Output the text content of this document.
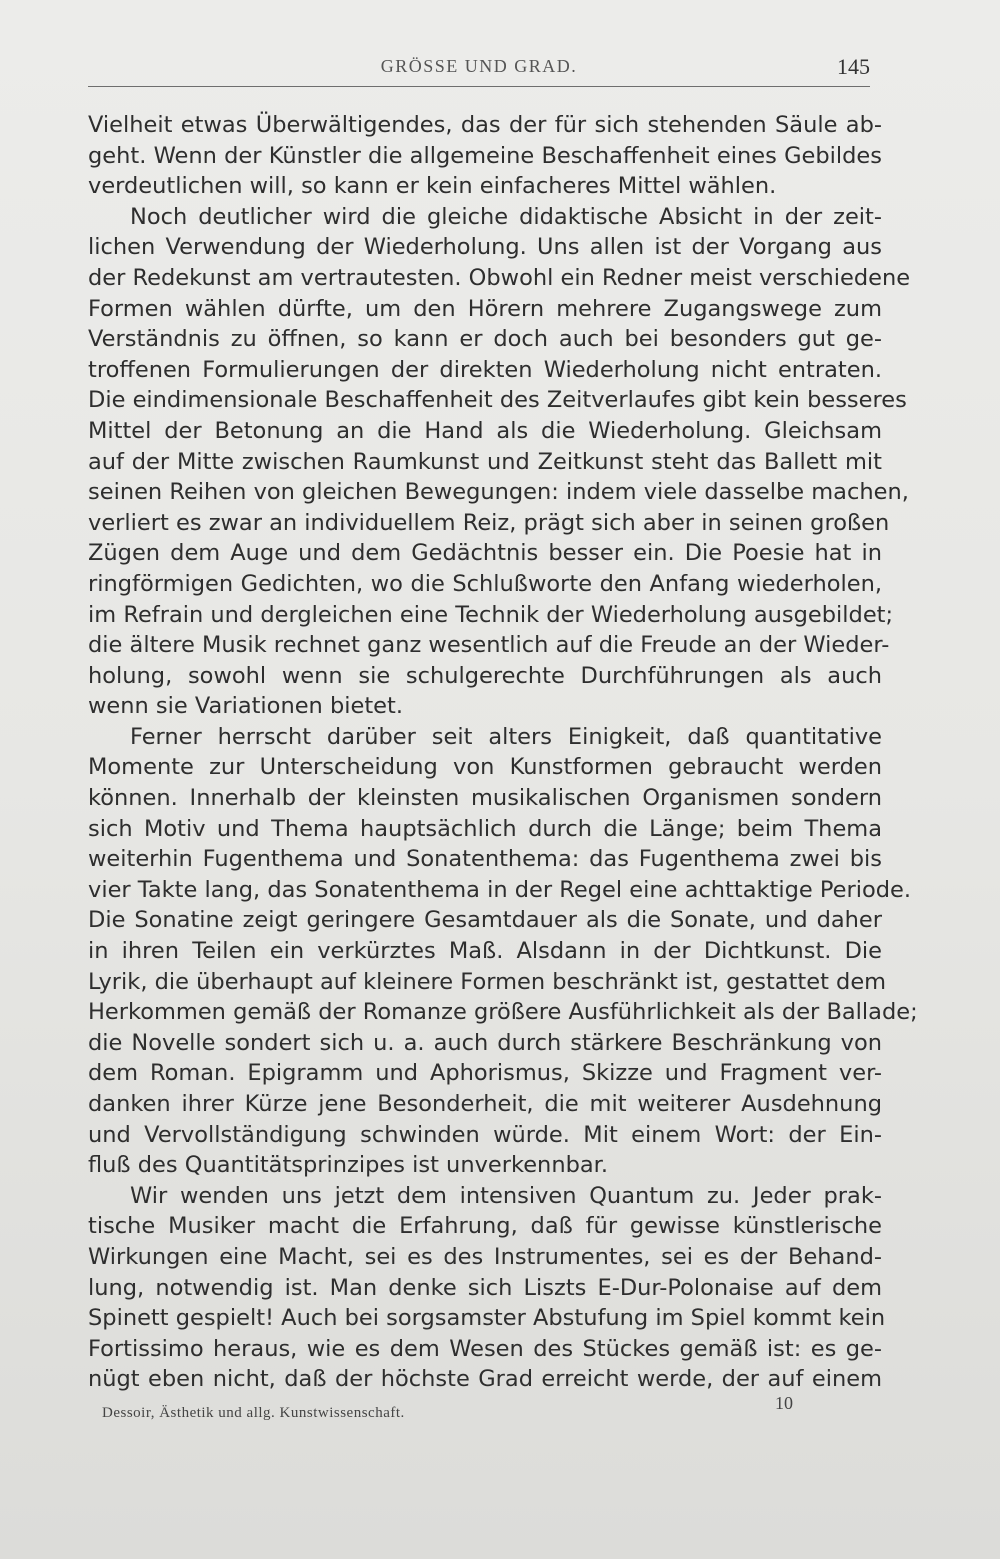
GRÖSSE UND GRAD.	145

Vielheit etwas Überwältigendes, das der für sich stehenden Säule ab-
geht. Wenn der Künstler die allgemeine Beschaffenheit eines Gebildes
verdeutlichen will, so kann er kein einfacheres Mittel wählen.

Noch deutlicher wird die gleiche didaktische Absicht in der zeit-
lichen Verwendung der Wiederholung. Uns allen ist der Vorgang aus
der Redekunst am vertrautesten. Obwohl ein Redner meist verschiedene
Formen wählen dürfte, um den Hörern mehrere Zugangswege zum
Verständnis zu öffnen, so kann er doch auch bei besonders gut ge-
troffenen Formulierungen der direkten Wiederholung nicht entraten.
Die eindimensionale Beschaffenheit des Zeitverlaufes gibt kein besseres
Mittel der Betonung an die Hand als die Wiederholung. Gleichsam
auf der Mitte zwischen Raumkunst und Zeitkunst steht das Ballett mit
seinen Reihen von gleichen Bewegungen: indem viele dasselbe machen,
verliert es zwar an individuellem Reiz, prägt sich aber in seinen großen
Zügen dem Auge und dem Gedächtnis besser ein. Die Poesie hat in
ringförmigen Gedichten, wo die Schlußworte den Anfang wiederholen,
im Refrain und dergleichen eine Technik der Wiederholung ausgebildet;
die ältere Musik rechnet ganz wesentlich auf die Freude an der Wieder-
holung, sowohl wenn sie schulgerechte Durchführungen als auch
wenn sie Variationen bietet.

Ferner herrscht darüber seit alters Einigkeit, daß quantitative
Momente zur Unterscheidung von Kunstformen gebraucht werden
können. Innerhalb der kleinsten musikalischen Organismen sondern
sich Motiv und Thema hauptsächlich durch die Länge; beim Thema
weiterhin Fugenthema und Sonatenthema: das Fugenthema zwei bis
vier Takte lang, das Sonatenthema in der Regel eine achttaktige Periode.
Die Sonatine zeigt geringere Gesamtdauer als die Sonate, und daher
in ihren Teilen ein verkürztes Maß. Alsdann in der Dichtkunst. Die
Lyrik, die überhaupt auf kleinere Formen beschränkt ist, gestattet dem
Herkommen gemäß der Romanze größere Ausführlichkeit als der Ballade;
die Novelle sondert sich u. a. auch durch stärkere Beschränkung von
dem Roman. Epigramm und Aphorismus, Skizze und Fragment ver-
danken ihrer Kürze jene Besonderheit, die mit weiterer Ausdehnung
und Vervollständigung schwinden würde. Mit einem Wort: der Ein-
fluß des Quantitätsprinzipes ist unverkennbar.

Wir wenden uns jetzt dem intensiven Quantum zu. Jeder prak-
tische Musiker macht die Erfahrung, daß für gewisse künstlerische
Wirkungen eine Macht, sei es des Instrumentes, sei es der Behand-
lung, notwendig ist. Man denke sich Liszts E-Dur-Polonaise auf dem
Spinett gespielt! Auch bei sorgsamster Abstufung im Spiel kommt kein
Fortissimo heraus, wie es dem Wesen des Stückes gemäß ist: es ge-
nügt eben nicht, daß der höchste Grad erreicht werde, der auf einem

Dessoir, Ästhetik und allg. Kunstwissenschaft.	10
